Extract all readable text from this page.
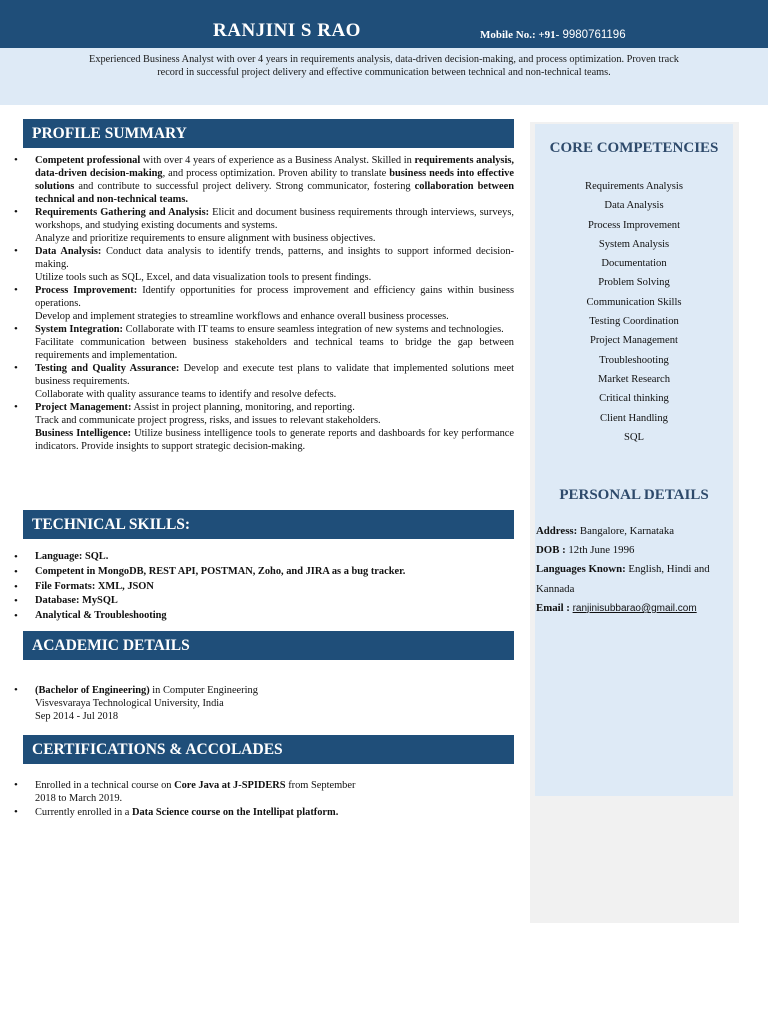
RANJINI S RAO	Mobile No.: +91- 9980761196
Experienced Business Analyst with over 4 years in requirements analysis, data-driven decision-making, and process optimization. Proven track
record in successful project delivery and effective communication between technical and non-technical teams.
PROFILE SUMMARY
• Competent professional with over 4 years of experience as a Business Analyst. Skilled in requirements analysis, data-driven decision-making, and process optimization. Proven ability to translate business needs into effective solutions and contribute to successful project delivery. Strong communicator, fostering collaboration between technical and non-technical teams.
• Requirements Gathering and Analysis: Elicit and document business requirements through interviews, surveys, workshops, and studying existing documents and systems.
Analyze and prioritize requirements to ensure alignment with business objectives.
• Data Analysis: Conduct data analysis to identify trends, patterns, and insights to support informed decision-making.
Utilize tools such as SQL, Excel, and data visualization tools to present findings.
• Process Improvement: Identify opportunities for process improvement and efficiency gains within business operations.
Develop and implement strategies to streamline workflows and enhance overall business processes.
• System Integration: Collaborate with IT teams to ensure seamless integration of new systems and technologies.
Facilitate communication between business stakeholders and technical teams to bridge the gap between requirements and implementation.
• Testing and Quality Assurance: Develop and execute test plans to validate that implemented solutions meet business requirements.
Collaborate with quality assurance teams to identify and resolve defects.
• Project Management: Assist in project planning, monitoring, and reporting.
Track and communicate project progress, risks, and issues to relevant stakeholders.
Business Intelligence: Utilize business intelligence tools to generate reports and dashboards for key performance indicators. Provide insights to support strategic decision-making.
TECHNICAL SKILLS:
• Language: SQL.
• Competent in MongoDB, REST API, POSTMAN, Zoho, and JIRA as a bug tracker.
• File Formats: XML, JSON
• Database: MySQL
• Analytical & Troubleshooting
ACADEMIC DETAILS
• (Bachelor of Engineering) in Computer Engineering
Visvesvaraya Technological University, India
Sep 2014 - Jul 2018
CERTIFICATIONS & ACCOLADES
• Enrolled in a technical course on Core Java at J-SPIDERS from September
2018 to March 2019.
• Currently enrolled in a Data Science course on the Intellipat platform.
CORE COMPETENCIES
Requirements Analysis
Data Analysis
Process Improvement
System Analysis
Documentation
Problem Solving
Communication Skills
Testing Coordination
Project Management
Troubleshooting
Market Research
Critical thinking
Client Handling
SQL
PERSONAL DETAILS
Address: Bangalore, Karnataka
DOB : 12th June 1996
Languages Known: English, Hindi and Kannada
Email : ranjinisubbarao@gmail.com
